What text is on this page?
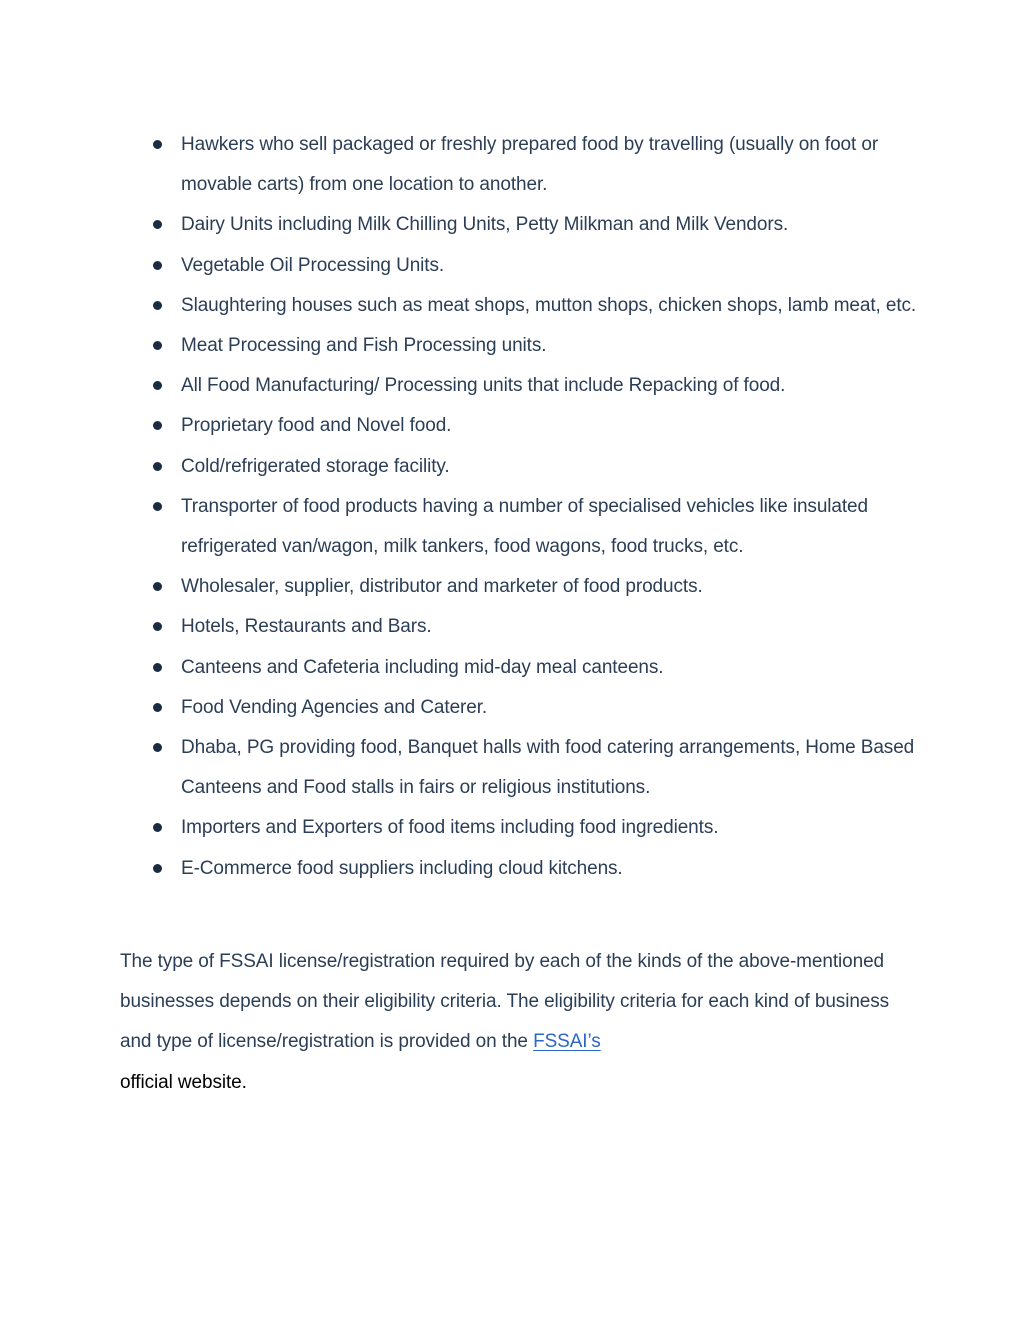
Hawkers who sell packaged or freshly prepared food by travelling (usually on foot or movable carts) from one location to another.
Dairy Units including Milk Chilling Units, Petty Milkman and Milk Vendors.
Vegetable Oil Processing Units.
Slaughtering houses such as meat shops, mutton shops, chicken shops, lamb meat, etc.
Meat Processing and Fish Processing units.
All Food Manufacturing/ Processing units that include Repacking of food.
Proprietary food and Novel food.
Cold/refrigerated storage facility.
Transporter of food products having a number of specialised vehicles like insulated refrigerated van/wagon, milk tankers, food wagons, food trucks, etc.
Wholesaler, supplier, distributor and marketer of food products.
Hotels, Restaurants and Bars.
Canteens and Cafeteria including mid-day meal canteens.
Food Vending Agencies and Caterer.
Dhaba, PG providing food, Banquet halls with food catering arrangements, Home Based Canteens and Food stalls in fairs or religious institutions.
Importers and Exporters of food items including food ingredients.
E-Commerce food suppliers including cloud kitchens.

The type of FSSAI license/registration required by each of the kinds of the above-mentioned businesses depends on their eligibility criteria. The eligibility criteria for each kind of business and type of license/registration is provided on the FSSAI’s
official website.
